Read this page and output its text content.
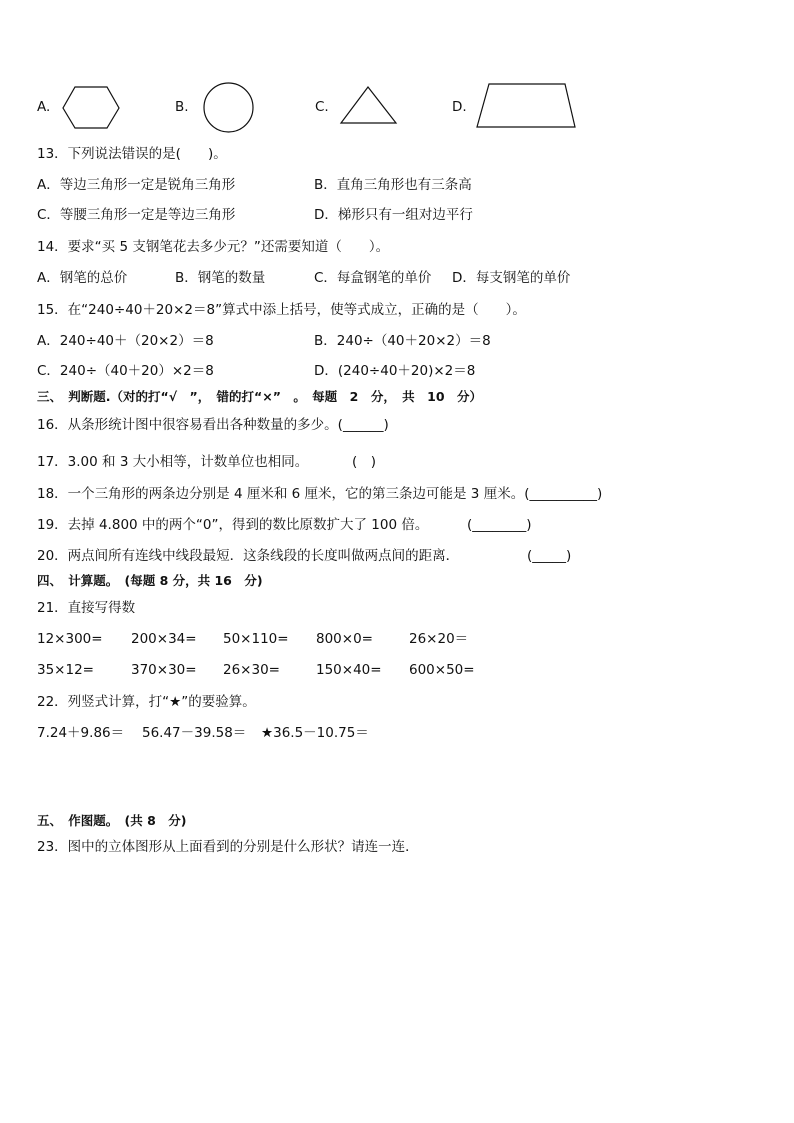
A.	B.	C.	D.
13．下列说法错误的是(　　)。
A．等边三角形一定是锐角三角形	B．直角三角形也有三条高
C．等腰三角形一定是等边三角形	D．梯形只有一组对边平行
14．要求“买 5 支钢笔花去多少元？”还需要知道（　　）。
A．钢笔的总价	B．钢笔的数量	C．每盒钢笔的单价 D．每支钢笔的单价
15．在“240÷40＋20×2＝8”算式中添上括号，使等式成立，正确的是（　　）。
A．240÷40＋（20×2）＝8	B．240÷（40＋20×2）＝8
C．240÷（40＋20）×2＝8	D．(240÷40＋20)×2＝8
三、　判断题.（对的打“√　”，　错的打“×”　。　每题　2　分，　共　10　分）
16．从条形统计图中很容易看出各种数量的多少。(______)
17．3.00 和 3 大小相等，计数单位也相同。	(　)
18．一个三角形的两条边分别是 4 厘米和 6 厘米，它的第三条边可能是 3 厘米。(__________)
19．去掉 4.800 中的两个“0”，得到的数比原数扩大了 100 倍。	(________)
20．两点间所有连线中线段最短．这条线段的长度叫做两点间的距离．	(_____)
四、　计算题。　(每题 8 分，共 16　分)
21．直接写得数
12×300= 200×34= 50×110= 800×0=	26×20＝
35×12=	370×30= 26×30=	150×40= 600×50=
22．列竖式计算，打“★”的要验算。
7.24＋9.86＝ 56.47－39.58＝ ★36.5－10.75＝
五、　作图题。　(共 8　分)
23．图中的立体图形从上面看到的分别是什么形状？请连一连．
